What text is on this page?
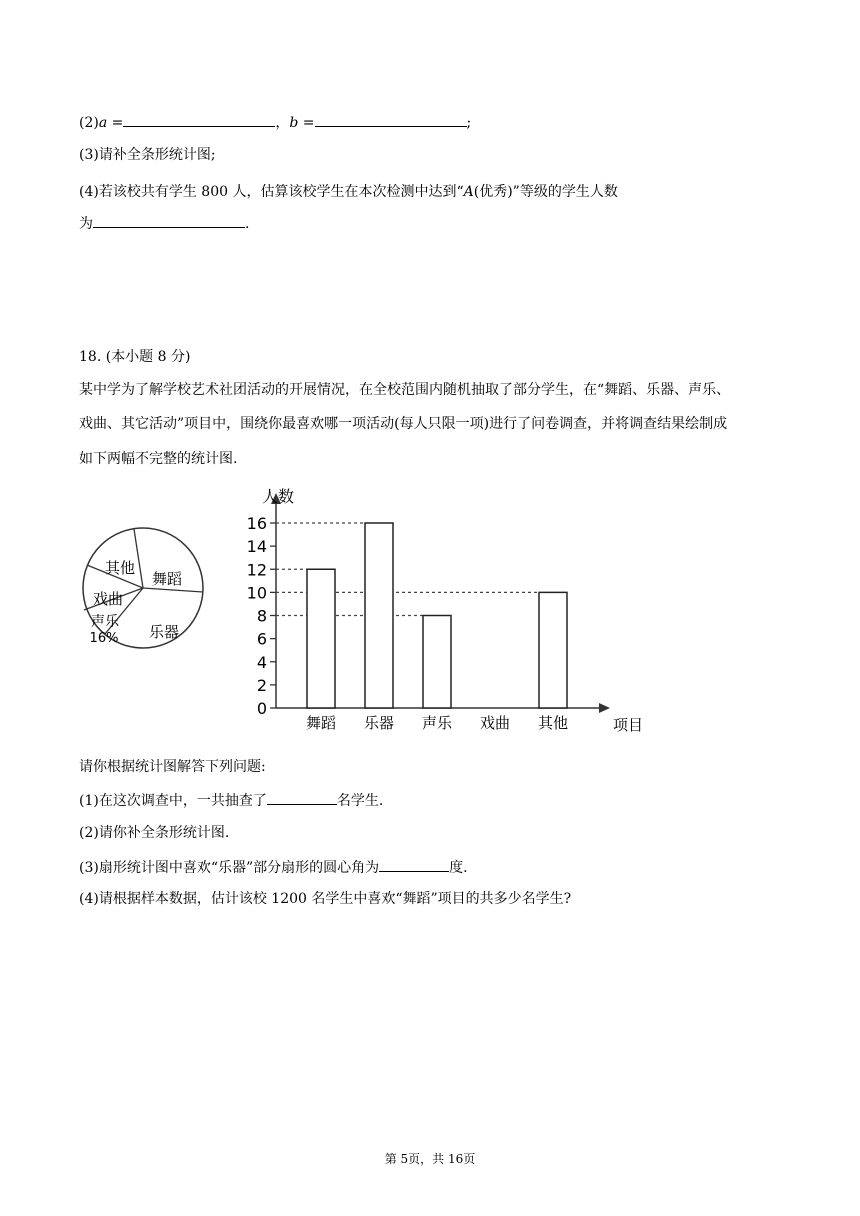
(2)a =	，b =	;
(3)请补全条形统计图;
(4)若该校共有学生 800 人，估算该校学生在本次检测中达到“A(优秀)”等级的学生人数
为	.
18. (本小题 8 分)
某中学为了解学校艺术社团活动的开展情况，在全校范围内随机抽取了部分学生，在“舞蹈、乐器、声乐、
戏曲、其它活动”项目中，围绕你最喜欢哪一项活动(每人只限一项)进行了问卷调查，并将调查结果绘制成
如下两幅不完整的统计图.
其他
舞蹈
戏曲
声乐
16% 乐器
人数
项目
0
2
4
6
8
10
12
14
16
舞蹈 乐器 声乐 戏曲 其他
请你根据统计图解答下列问题:
(1)在这次调查中，一共抽查了	名学生.
(2)请你补全条形统计图.
(3)扇形统计图中喜欢“乐器”部分扇形的圆心角为	度.
(4)请根据样本数据，估计该校 1200 名学生中喜欢“舞蹈”项目的共多少名学生?
第 5页，共 16页
